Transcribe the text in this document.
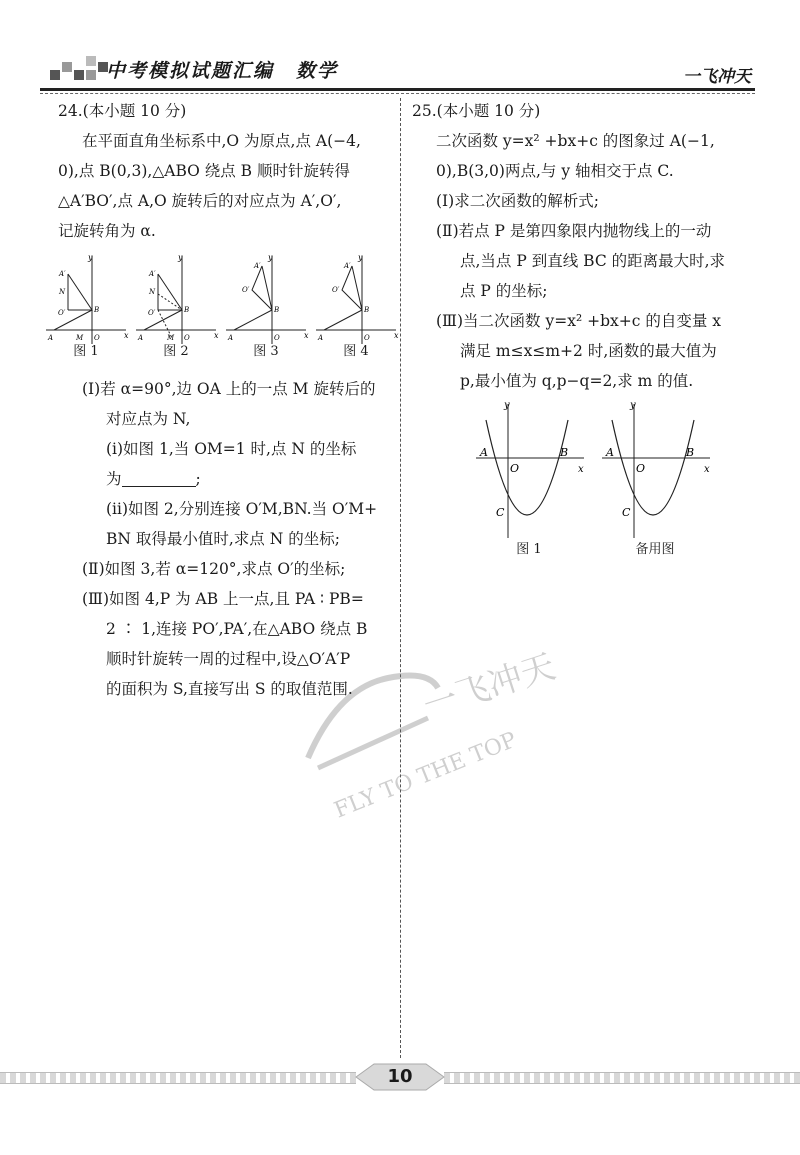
中考模拟试题汇编 数学	一飞冲天
24.(本小题 10 分)
在平面直角坐标系中,O 为原点,点 A(−4,
0),点 B(0,3),△ABO 绕点 B 顺时针旋转得
△A′BO′,点 A,O 旋转后的对应点为 A′,O′,
记旋转角为 α.
y
x
A′
N
O′	B
A	M O
图 1
y
x
A′
N
O′	B
A	M O
图 2
y
x
A′
O′
B
A	O
图 3
y
x
A′
O′
B
A	O
图 4
(Ⅰ)若 α=90°,边 OA 上的一点 M 旋转后的
对应点为 N,
(ⅰ)如图 1,当 OM=1 时,点 N 的坐标
为	;
(ⅱ)如图 2,分别连接 O′M,BN.当 O′M+
BN 取得最小值时,求点 N 的坐标;
(Ⅱ)如图 3,若 α=120°,求点 O′的坐标;
(Ⅲ)如图 4,P 为 AB 上一点,且 PA ∶ PB=
2 ∶ 1,连接 PO′,PA′,在△ABO 绕点 B
顺时针旋转一周的过程中,设△O′A′P
的面积为 S,直接写出 S 的取值范围.
25.(本小题 10 分)
二次函数 y=x² +bx+c 的图象过 A(−1,
0),B(3,0)两点,与 y 轴相交于点 C.
(Ⅰ)求二次函数的解析式;
(Ⅱ)若点 P 是第四象限内抛物线上的一动
点,当点 P 到直线 BC 的距离最大时,求
点 P 的坐标;
(Ⅲ)当二次函数 y=x² +bx+c 的自变量 x
满足 m≤x≤m+2 时,函数的最大值为
p,最小值为 q,p−q=2,求 m 的值.
y
x
A
O
B
C
图 1
y
x
A
O
B
C
备用图
一飞冲天
FLY TO THE TOP
10
